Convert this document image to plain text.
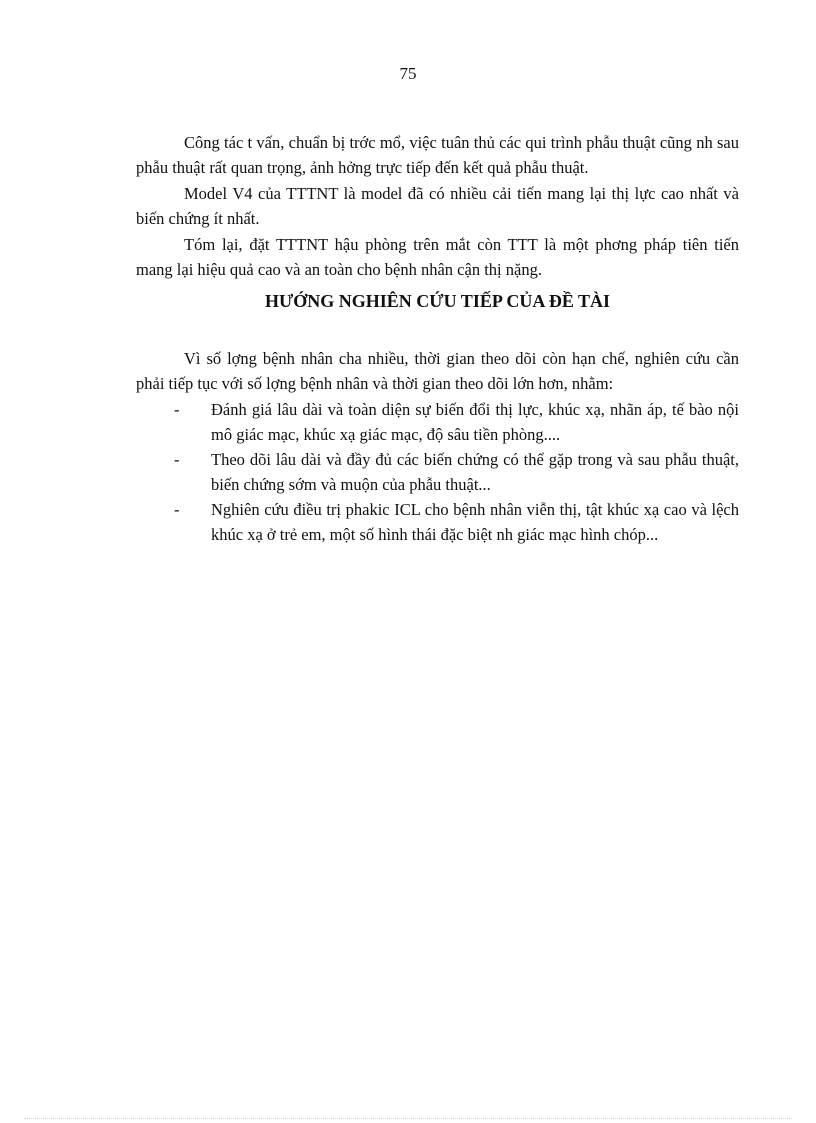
75

Công tác t vấn, chuẩn bị trớc mổ, việc tuân thủ các qui trình phẫu thuật cũng nh sau phẫu thuật rất quan trọng, ảnh hởng trực tiếp đến kết quả phẫu thuật.

Model V4 của TTTNT là model đã có nhiều cải tiến mang lại thị lực cao nhất và biến chứng ít nhất.

Tóm lại, đặt TTTNT hậu phòng trên mắt còn TTT là một phơng pháp tiên tiến mang lại hiệu quả cao và an toàn cho bệnh nhân cận thị nặng.

HƯỚNG NGHIÊN CỨU TIẾP CỦA ĐỀ TÀI

Vì số lợng bệnh nhân cha nhiều, thời gian theo dõi còn hạn chế, nghiên cứu cần phải tiếp tục với số lợng bệnh nhân và thời gian theo dõi lớn hơn, nhằm:

- Đánh giá lâu dài và toàn diện sự biến đổi thị lực, khúc xạ, nhãn áp, tế bào nội mô giác mạc, khúc xạ giác mạc, độ sâu tiền phòng....
- Theo dõi lâu dài và đầy đủ các biến chứng có thể gặp trong và sau phẫu thuật, biến chứng sớm và muộn của phẫu thuật...
- Nghiên cứu điều trị phakic ICL cho bệnh nhân viễn thị, tật khúc xạ cao và lệch khúc xạ ở trẻ em, một số hình thái đặc biệt nh giác mạc hình chóp...
